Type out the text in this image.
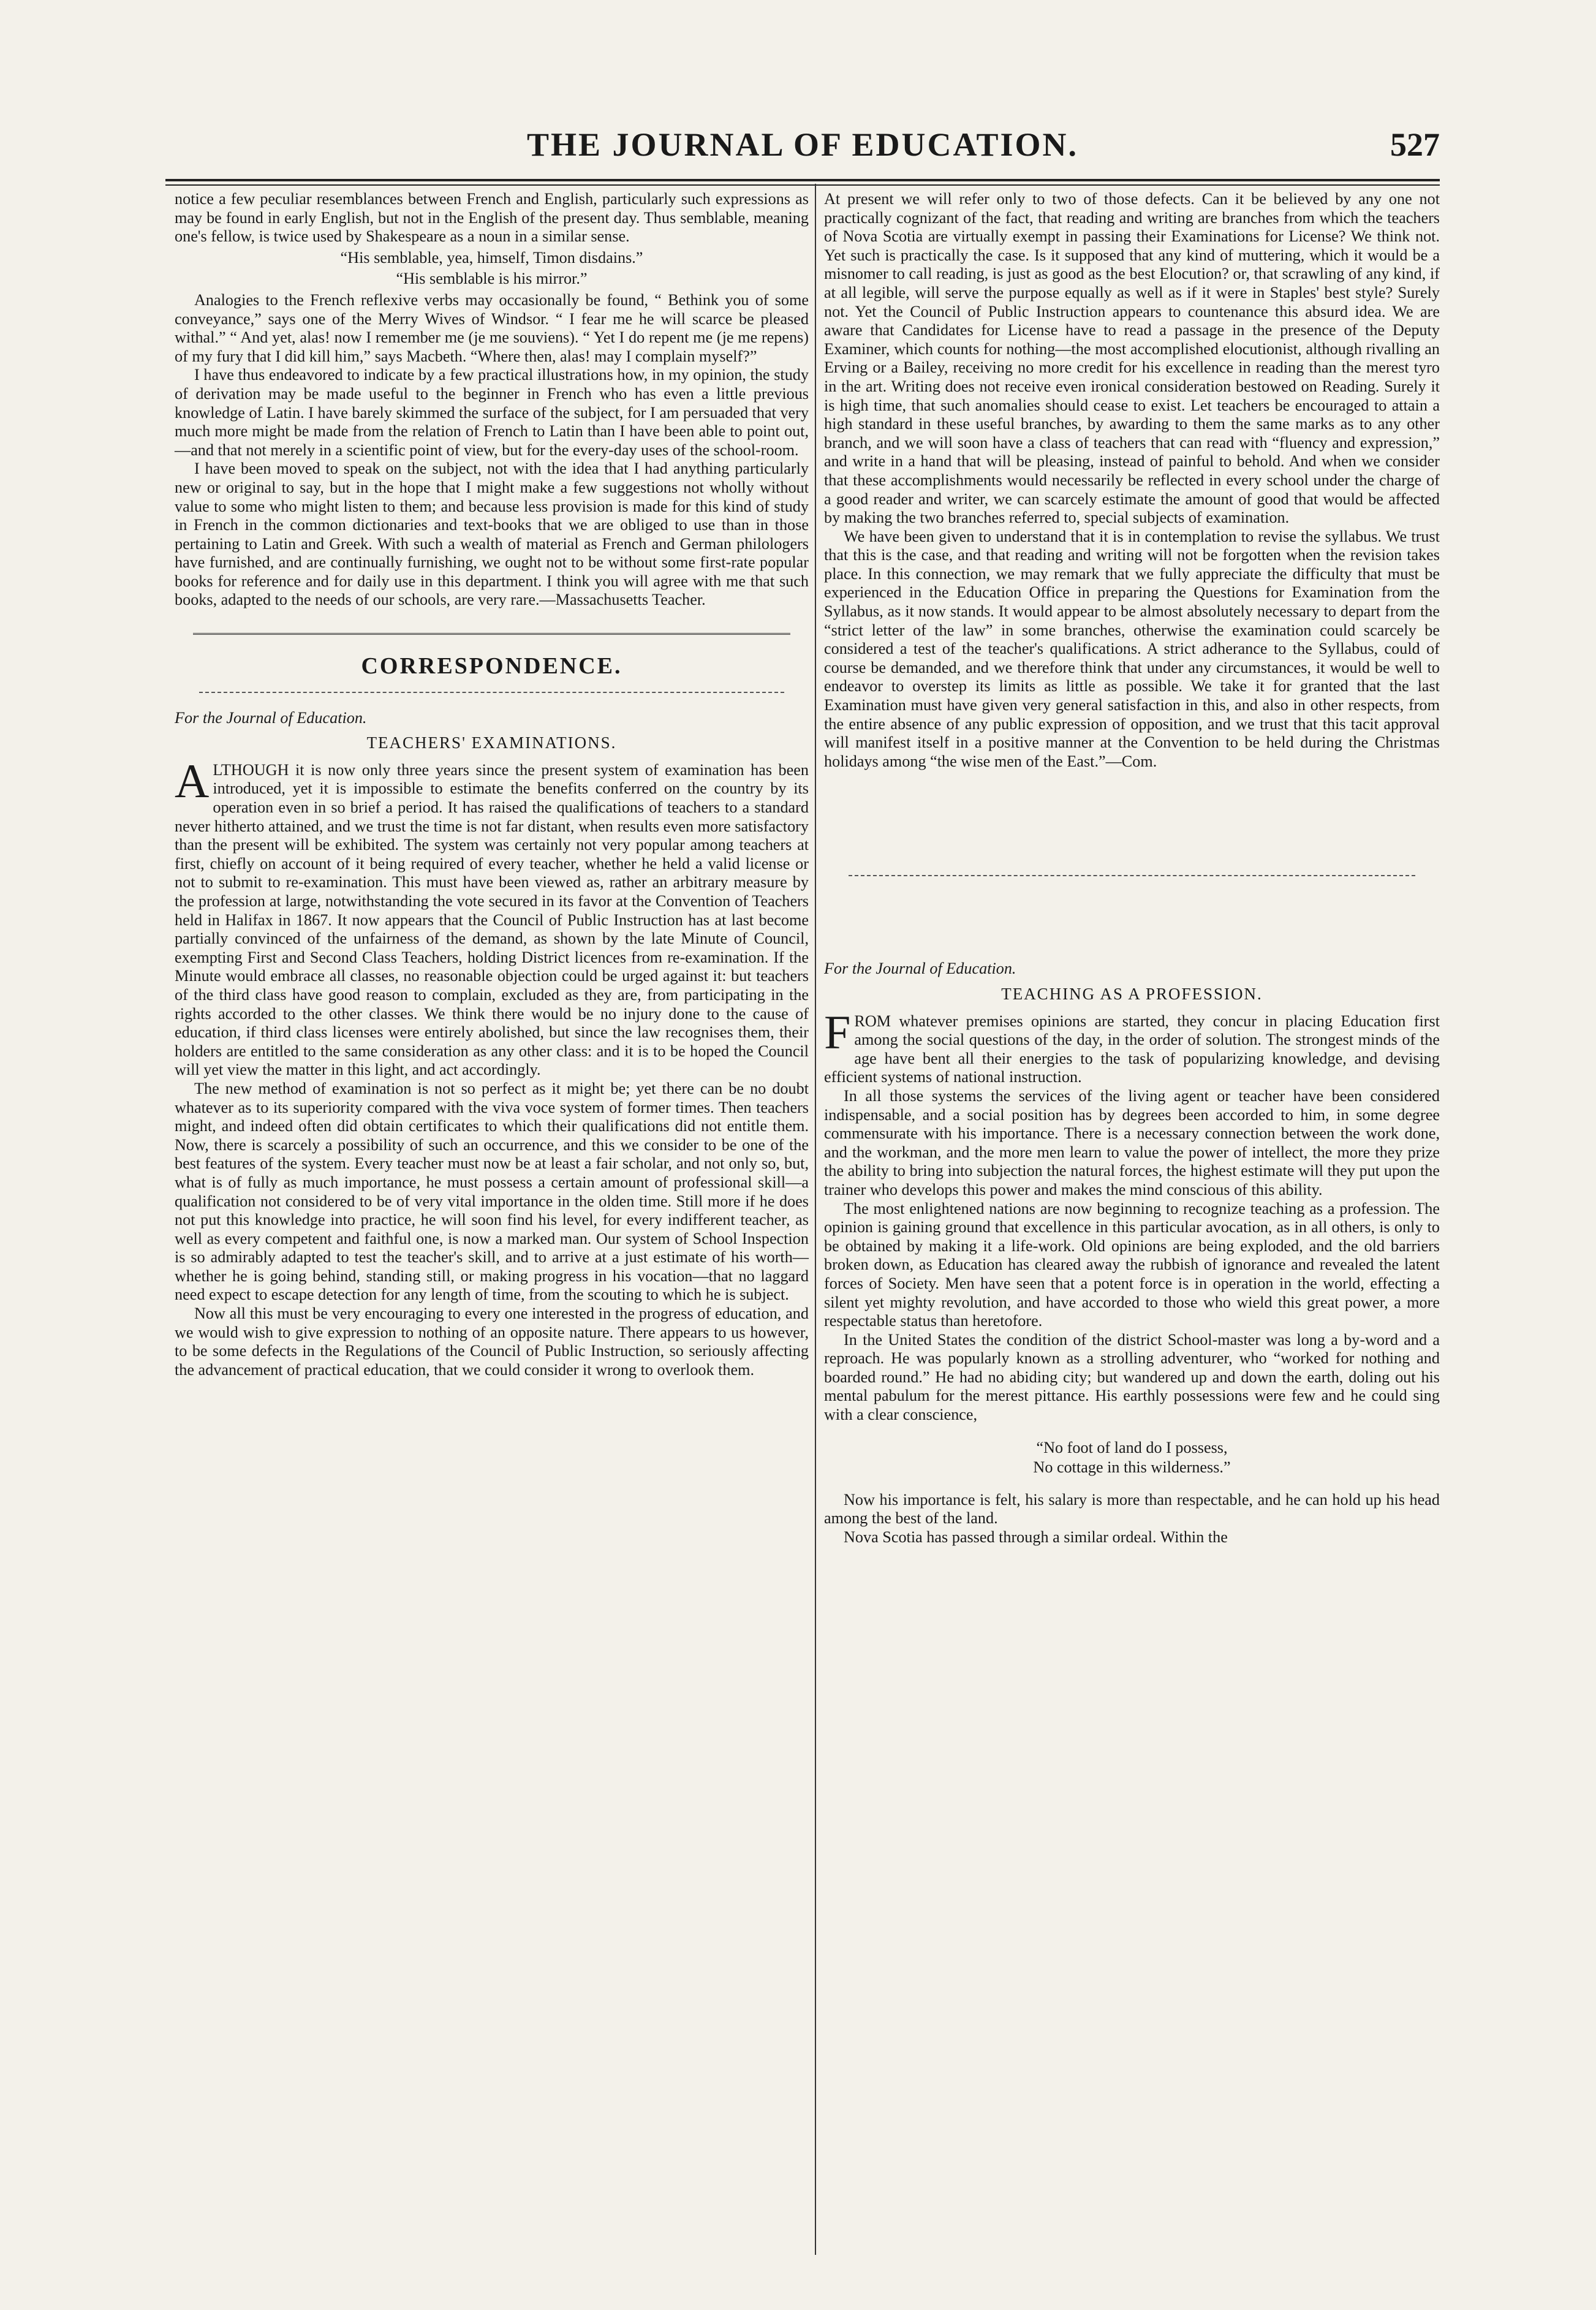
THE JOURNAL OF EDUCATION.	527

notice a few peculiar resemblances between French and English, particularly such expressions as may be found in early English, but not in the English of the present day. Thus semblable, meaning one's fellow, is twice used by Shakespeare as a noun in a similar sense.

“His semblable, yea, himself, Timon disdains.”

“His semblable is his mirror.”

Analogies to the French reflexive verbs may occasionally be found, “ Bethink you of some conveyance,” says one of the Merry Wives of Windsor. “ I fear me he will scarce be pleased withal.” “ And yet, alas! now I remember me (je me souviens). “ Yet I do repent me (je me repens) of my fury that I did kill him,” says Macbeth. “Where then, alas! may I complain myself?”

I have thus endeavored to indicate by a few practical illustrations how, in my opinion, the study of derivation may be made useful to the beginner in French who has even a little previous knowledge of Latin. I have barely skimmed the surface of the subject, for I am persuaded that very much more might be made from the relation of French to Latin than I have been able to point out,—and that not merely in a scientific point of view, but for the every-day uses of the school-room.

I have been moved to speak on the subject, not with the idea that I had anything particularly new or original to say, but in the hope that I might make a few suggestions not wholly without value to some who might listen to them; and because less provision is made for this kind of study in French in the common dictionaries and text-books that we are obliged to use than in those pertaining to Latin and Greek. With such a wealth of material as French and German philologers have furnished, and are continually furnishing, we ought not to be without some first-rate popular books for reference and for daily use in this department. I think you will agree with me that such books, adapted to the needs of our schools, are very rare.—Massachusetts Teacher.

CORRESPONDENCE.

For the Journal of Education.

TEACHERS' EXAMINATIONS.

ALTHOUGH it is now only three years since the present system of examination has been introduced, yet it is impossible to estimate the benefits conferred on the country by its operation even in so brief a period. It has raised the qualifications of teachers to a standard never hitherto attained, and we trust the time is not far distant, when results even more satisfactory than the present will be exhibited. The system was certainly not very popular among teachers at first, chiefly on account of it being required of every teacher, whether he held a valid license or not to submit to re-examination. This must have been viewed as, rather an arbitrary measure by the profession at large, notwithstanding the vote secured in its favor at the Convention of Teachers held in Halifax in 1867. It now appears that the Council of Public Instruction has at last become partially convinced of the unfairness of the demand, as shown by the late Minute of Council, exempting First and Second Class Teachers, holding District licences from re-examination. If the Minute would embrace all classes, no reasonable objection could be urged against it: but teachers of the third class have good reason to complain, excluded as they are, from participating in the rights accorded to the other classes. We think there would be no injury done to the cause of education, if third class licenses were entirely abolished, but since the law recognises them, their holders are entitled to the same consideration as any other class: and it is to be hoped the Council will yet view the matter in this light, and act accordingly.

The new method of examination is not so perfect as it might be; yet there can be no doubt whatever as to its superiority compared with the viva voce system of former times. Then teachers might, and indeed often did obtain certificates to which their qualifications did not entitle them. Now, there is scarcely a possibility of such an occurrence, and this we consider to be one of the best features of the system. Every teacher must now be at least a fair scholar, and not only so, but, what is of fully as much importance, he must possess a certain amount of professional skill—a qualification not considered to be of very vital importance in the olden time. Still more if he does not put this knowledge into practice, he will soon find his level, for every indifferent teacher, as well as every competent and faithful one, is now a marked man. Our system of School Inspection is so admirably adapted to test the teacher's skill, and to arrive at a just estimate of his worth—whether he is going behind, standing still, or making progress in his vocation—that no laggard need expect to escape detection for any length of time, from the scouting to which he is subject.

Now all this must be very encouraging to every one interested in the progress of education, and we would wish to give expression to nothing of an opposite nature. There appears to us however, to be some defects in the Regulations of the Council of Public Instruction, so seriously affecting the advancement of practical education, that we could consider it wrong to overlook them.

At present we will refer only to two of those defects. Can it be believed by any one not practically cognizant of the fact, that reading and writing are branches from which the teachers of Nova Scotia are virtually exempt in passing their Examinations for License? We think not. Yet such is practically the case. Is it supposed that any kind of muttering, which it would be a misnomer to call reading, is just as good as the best Elocution? or, that scrawling of any kind, if at all legible, will serve the purpose equally as well as if it were in Staples' best style? Surely not. Yet the Council of Public Instruction appears to countenance this absurd idea. We are aware that Candidates for License have to read a passage in the presence of the Deputy Examiner, which counts for nothing—the most accomplished elocutionist, although rivalling an Erving or a Bailey, receiving no more credit for his excellence in reading than the merest tyro in the art. Writing does not receive even ironical consideration bestowed on Reading. Surely it is high time, that such anomalies should cease to exist. Let teachers be encouraged to attain a high standard in these useful branches, by awarding to them the same marks as to any other branch, and we will soon have a class of teachers that can read with “fluency and expression,” and write in a hand that will be pleasing, instead of painful to behold. And when we consider that these accomplishments would necessarily be reflected in every school under the charge of a good reader and writer, we can scarcely estimate the amount of good that would be affected by making the two branches referred to, special subjects of examination.

We have been given to understand that it is in contemplation to revise the syllabus. We trust that this is the case, and that reading and writing will not be forgotten when the revision takes place. In this connection, we may remark that we fully appreciate the difficulty that must be experienced in the Education Office in preparing the Questions for Examination from the Syllabus, as it now stands. It would appear to be almost absolutely necessary to depart from the “strict letter of the law” in some branches, otherwise the examination could scarcely be considered a test of the teacher's qualifications. A strict adherance to the Syllabus, could of course be demanded, and we therefore think that under any circumstances, it would be well to endeavor to overstep its limits as little as possible. We take it for granted that the last Examination must have given very general satisfaction in this, and also in other respects, from the entire absence of any public expression of opposition, and we trust that this tacit approval will manifest itself in a positive manner at the Convention to be held during the Christmas holidays among “the wise men of the East.”—Com.

For the Journal of Education.

TEACHING AS A PROFESSION.

FROM whatever premises opinions are started, they concur in placing Education first among the social questions of the day, in the order of solution. The strongest minds of the age have bent all their energies to the task of popularizing knowledge, and devising efficient systems of national instruction.

In all those systems the services of the living agent or teacher have been considered indispensable, and a social position has by degrees been accorded to him, in some degree commensurate with his importance. There is a necessary connection between the work done, and the workman, and the more men learn to value the power of intellect, the more they prize the ability to bring into subjection the natural forces, the highest estimate will they put upon the trainer who develops this power and makes the mind conscious of this ability.

The most enlightened nations are now beginning to recognize teaching as a profession. The opinion is gaining ground that excellence in this particular avocation, as in all others, is only to be obtained by making it a life-work. Old opinions are being exploded, and the old barriers broken down, as Education has cleared away the rubbish of ignorance and revealed the latent forces of Society. Men have seen that a potent force is in operation in the world, effecting a silent yet mighty revolution, and have accorded to those who wield this great power, a more respectable status than heretofore.

In the United States the condition of the district School-master was long a by-word and a reproach. He was popularly known as a strolling adventurer, who “worked for nothing and boarded round.” He had no abiding city; but wandered up and down the earth, doling out his mental pabulum for the merest pittance. His earthly possessions were few and he could sing with a clear conscience,

“No foot of land do I possess,
No cottage in this wilderness.”

Now his importance is felt, his salary is more than respectable, and he can hold up his head among the best of the land.

Nova Scotia has passed through a similar ordeal. Within the
